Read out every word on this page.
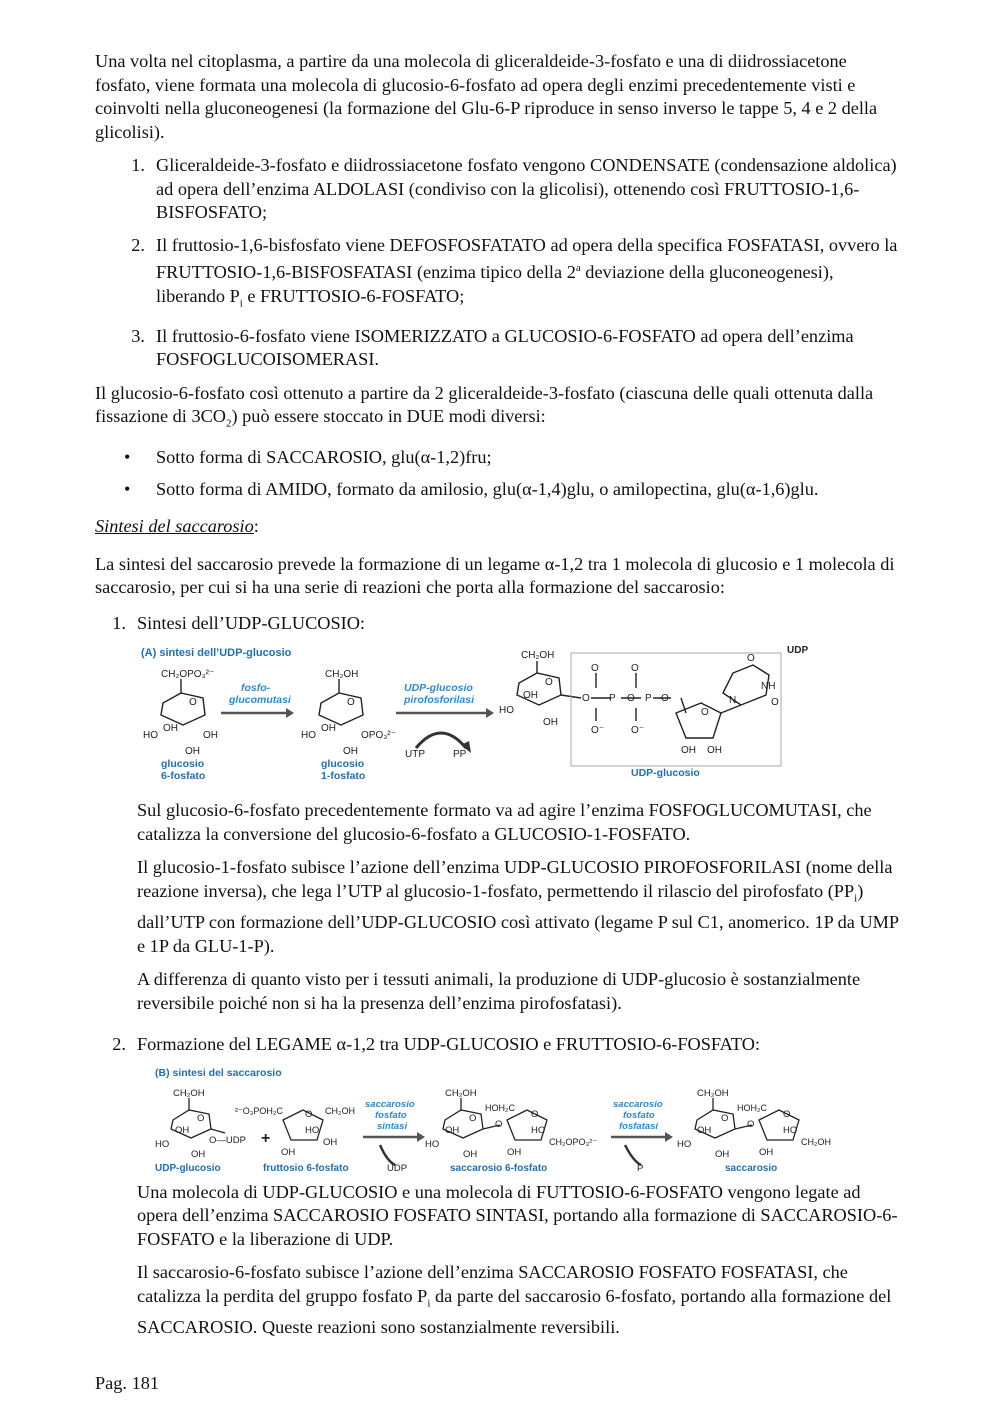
Una volta nel citoplasma, a partire da una molecola di gliceraldeide-3-fosfato e una di diidrossiacetone fosfato, viene formata una molecola di glucosio-6-fosfato ad opera degli enzimi precedentemente visti e coinvolti nella gluconeogenesi (la formazione del Glu-6-P riproduce in senso inverso le tappe 5, 4 e 2 della glicolisi).

1. Gliceraldeide-3-fosfato e diidrossiacetone fosfato vengono CONDENSATE (condensazione aldolica) ad opera dell’enzima ALDOLASI (condiviso con la glicolisi), ottenendo così FRUTTOSIO-1,6-BISFOSFATO;
2. Il fruttosio-1,6-bisfosfato viene DEFOSFOSFATATO ad opera della specifica FOSFATASI, ovvero la FRUTTOSIO-1,6-BISFOSFATASI (enzima tipico della 2$^a$ deviazione della gluconeogenesi), liberando $P_i$ e FRUTTOSIO-6-FOSFATO;
3. Il fruttosio-6-fosfato viene ISOMERIZZATO a GLUCOSIO-6-FOSFATO ad opera dell’enzima FOSFOGLUCOISOMERASI.

Il glucosio-6-fosfato così ottenuto a partire da 2 gliceraldeide-3-fosfato (ciascuna delle quali ottenuta dalla fissazione di $3CO_2$) può essere stoccato in DUE modi diversi:

•	Sotto forma di SACCAROSIO, glu(α-1,2)fru;
•	Sotto forma di AMIDO, formato da amilosio, glu(α-1,4)glu, o amilopectina, glu(α-1,6)glu.

Sintesi del saccarosio:

La sintesi del saccarosio prevede la formazione di un legame α-1,2 tra 1 molecola di glucosio e 1 molecola di saccarosio, per cui si ha una serie di reazioni che porta alla formazione del saccarosio:

1. Sintesi dell’UDP-GLUCOSIO:
(A) sintesi dell’UDP-glucosio
CH₂OPO₃²⁻
O
OH
HO	OH
OH
glucosio
6-fosfato
fosfo-
glucomutasi
CH₂OH
O
OH
HO	OPO₃²⁻
OH
glucosio
1-fosfato
UDP-glucosio
pirofosforilasi
UTP	PP
CH₂OH
O
OH
HO
OH
O
O
P O
O
P O
O⁻	O⁻
O
OH OH
O
NH
O
N
UDP
UDP-glucosio

Sul glucosio-6-fosfato precedentemente formato va ad agire l’enzima FOSFOGLUCOMUTASI, che catalizza la conversione del glucosio-6-fosfato a GLUCOSIO-1-FOSFATO.

Il glucosio-1-fosfato subisce l’azione dell’enzima UDP-GLUCOSIO PIROFOSFORILASI (nome della reazione inversa), che lega l’UTP al glucosio-1-fosfato, permettendo il rilascio del pirofosfato $(PP_i)$ dall’UTP con formazione dell’UDP-GLUCOSIO così attivato (legame P sul C1, anomerico. 1P da UMP e 1P da GLU-1-P).

A differenza di quanto visto per i tessuti animali, la produzione di UDP-glucosio è sostanzialmente reversibile poiché non si ha la presenza dell’enzima pirofosfatasi).

2. Formazione del LEGAME α-1,2 tra UDP-GLUCOSIO e FRUTTOSIO-6-FOSFATO:
(B) sintesi del saccarosio
CH₂OH
O
OH
HO	O—UDP
OH
UDP-glucosio
+
²⁻O₃POH₂C O CH₂OH
HO
OH
OH
fruttosio 6-fosfato
saccarosio
fosfato
sintasi
UDP
CH₂OH
O
OH
HO
OH
O
HOH₂C
O
HO
CH₂OPO₃²⁻
OH
saccarosio 6-fosfato
saccarosio
fosfato
fosfatasi
P
CH₂OH
O
OH
HO
OH
O
HOH₂C
O
HO
CH₂OH
OH
saccarosio

Una molecola di UDP-GLUCOSIO e una molecola di FUTTOSIO-6-FOSFATO vengono legate ad opera dell’enzima SACCAROSIO FOSFATO SINTASI, portando alla formazione di SACCAROSIO-6-FOSFATO e la liberazione di UDP.

Il saccarosio-6-fosfato subisce l’azione dell’enzima SACCAROSIO FOSFATO FOSFATASI, che catalizza la perdita del gruppo fosfato $P_i$ da parte del saccarosio 6-fosfato, portando alla formazione del SACCAROSIO. Queste reazioni sono sostanzialmente reversibili.

Pag. 181
